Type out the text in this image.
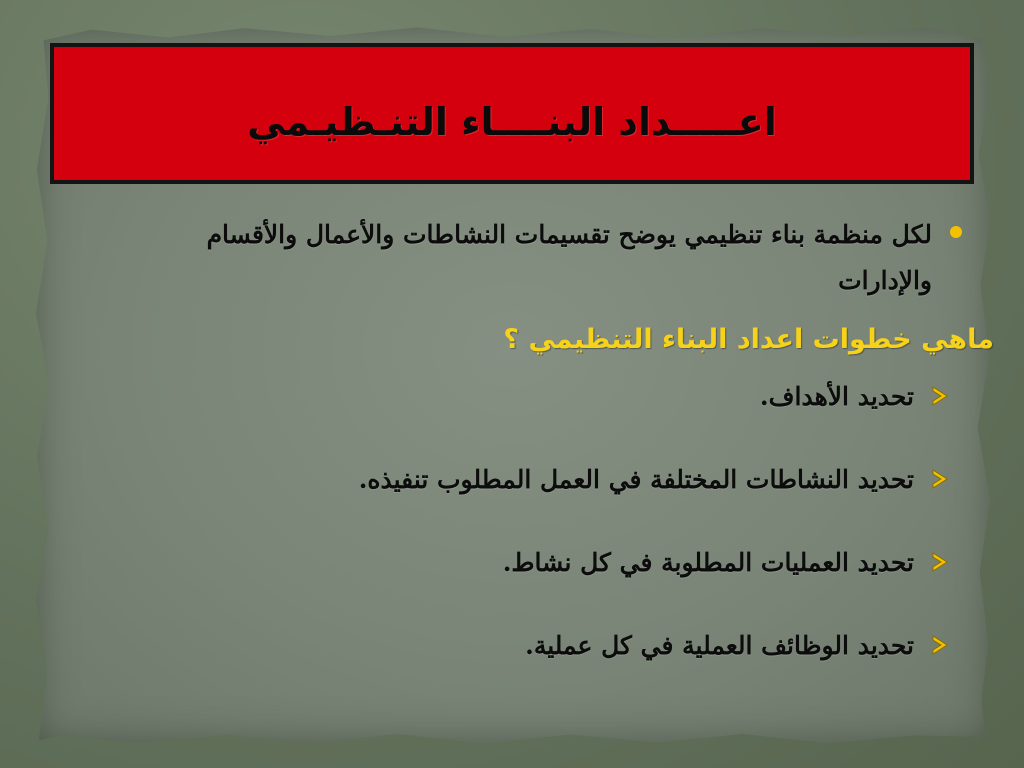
اعـــــداد البنــــاء التنـظيـمي
لكل منظمة بناء تنظيمي يوضح تقسيمات النشاطات والأعمال والأقسام والإدارات
ماهي خطوات اعداد البناء التنظيمي ؟
تحديد الأهداف.
تحديد النشاطات المختلفة في العمل المطلوب تنفيذه.
تحديد العمليات المطلوبة في كل نشاط.
تحديد الوظائف العملية في كل عملية.
